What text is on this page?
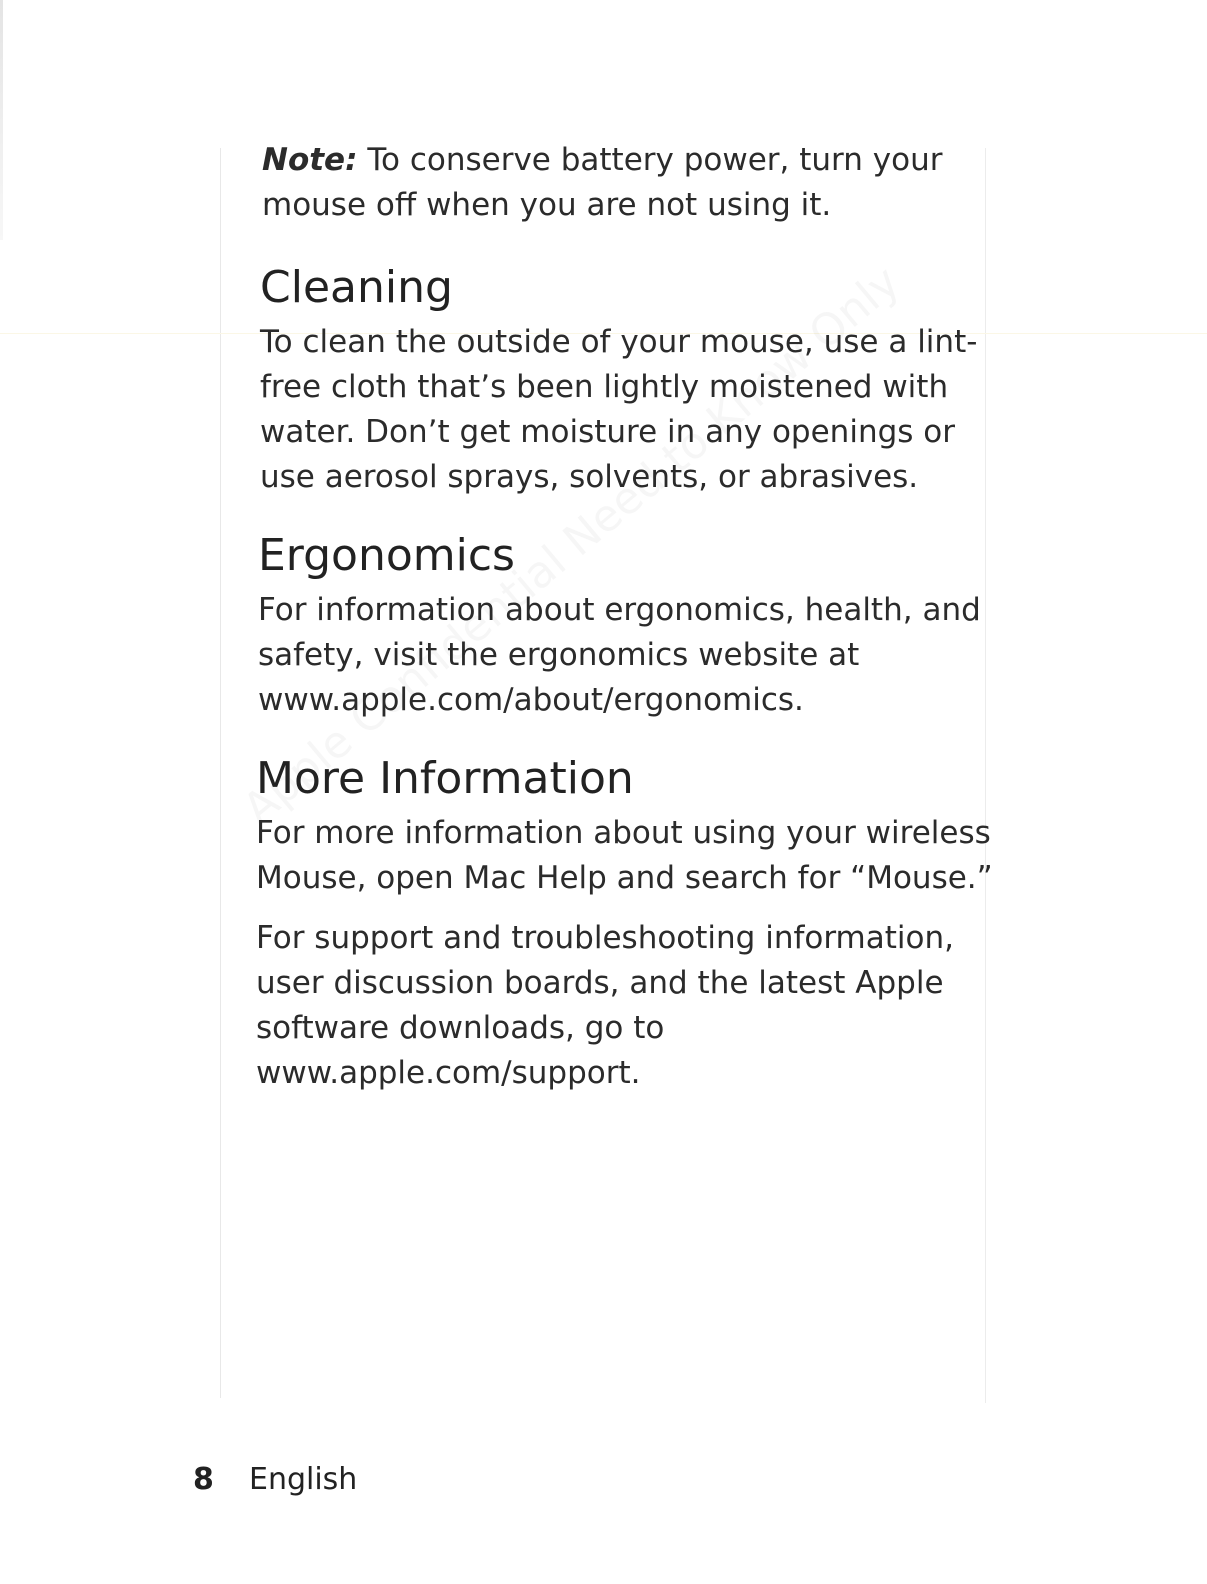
Note: To conserve battery power, turn your mouse off when you are not using it.

Cleaning

To clean the outside of your mouse, use a lint-free cloth that’s been lightly moistened with water. Don’t get moisture in any openings or use aerosol sprays, solvents, or abrasives.

Ergonomics

For information about ergonomics, health, and safety, visit the ergonomics website at www.apple.com/about/ergonomics.

More Information

For more information about using your wireless Mouse, open Mac Help and search for “Mouse.”

For support and troubleshooting information, user discussion boards, and the latest Apple software downloads, go to www.apple.com/support.

8 English
